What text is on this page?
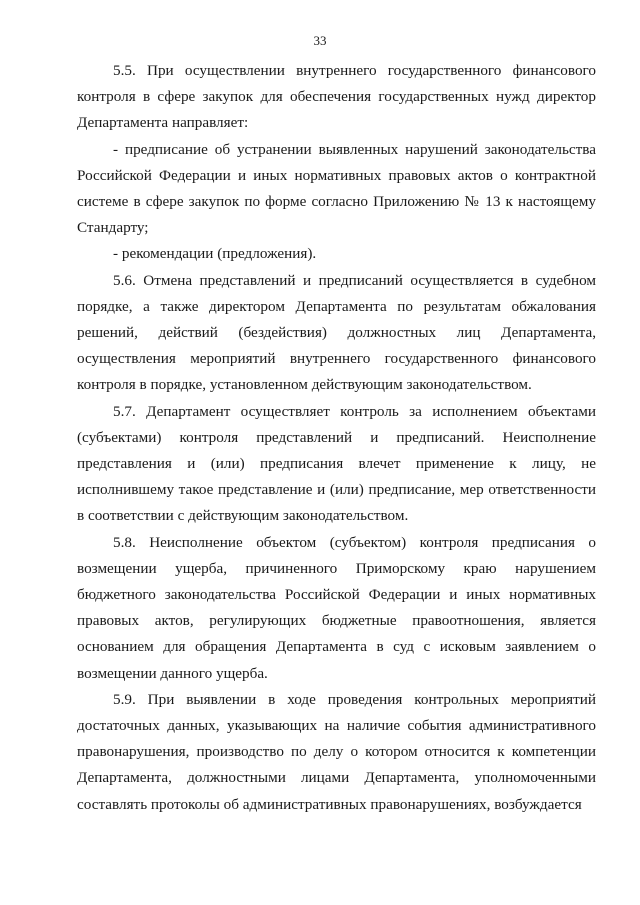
33

5.5. При осуществлении внутреннего государственного финансового контроля в сфере закупок для обеспечения государственных нужд директор Департамента направляет:

- предписание об устранении выявленных нарушений законодательства Российской Федерации и иных нормативных правовых актов о контрактной системе в сфере закупок по форме согласно Приложению № 13 к настоящему Стандарту;

- рекомендации (предложения).

5.6. Отмена представлений и предписаний осуществляется в судебном порядке, а также директором Департамента по результатам обжалования решений, действий (бездействия) должностных лиц Департамента, осуществления мероприятий внутреннего государственного финансового контроля в порядке, установленном действующим законодательством.

5.7. Департамент осуществляет контроль за исполнением объектами (субъектами) контроля представлений и предписаний. Неисполнение представления и (или) предписания влечет применение к лицу, не исполнившему такое представление и (или) предписание, мер ответственности в соответствии с действующим законодательством.

5.8. Неисполнение объектом (субъектом) контроля предписания о возмещении ущерба, причиненного Приморскому краю нарушением бюджетного законодательства Российской Федерации и иных нормативных правовых актов, регулирующих бюджетные правоотношения, является основанием для обращения Департамента в суд с исковым заявлением о возмещении данного ущерба.

5.9. При выявлении в ходе проведения контрольных мероприятий достаточных данных, указывающих на наличие события административного правонарушения, производство по делу о котором относится к компетенции Департамента, должностными лицами Департамента, уполномоченными составлять протоколы об административных правонарушениях, возбуждается
